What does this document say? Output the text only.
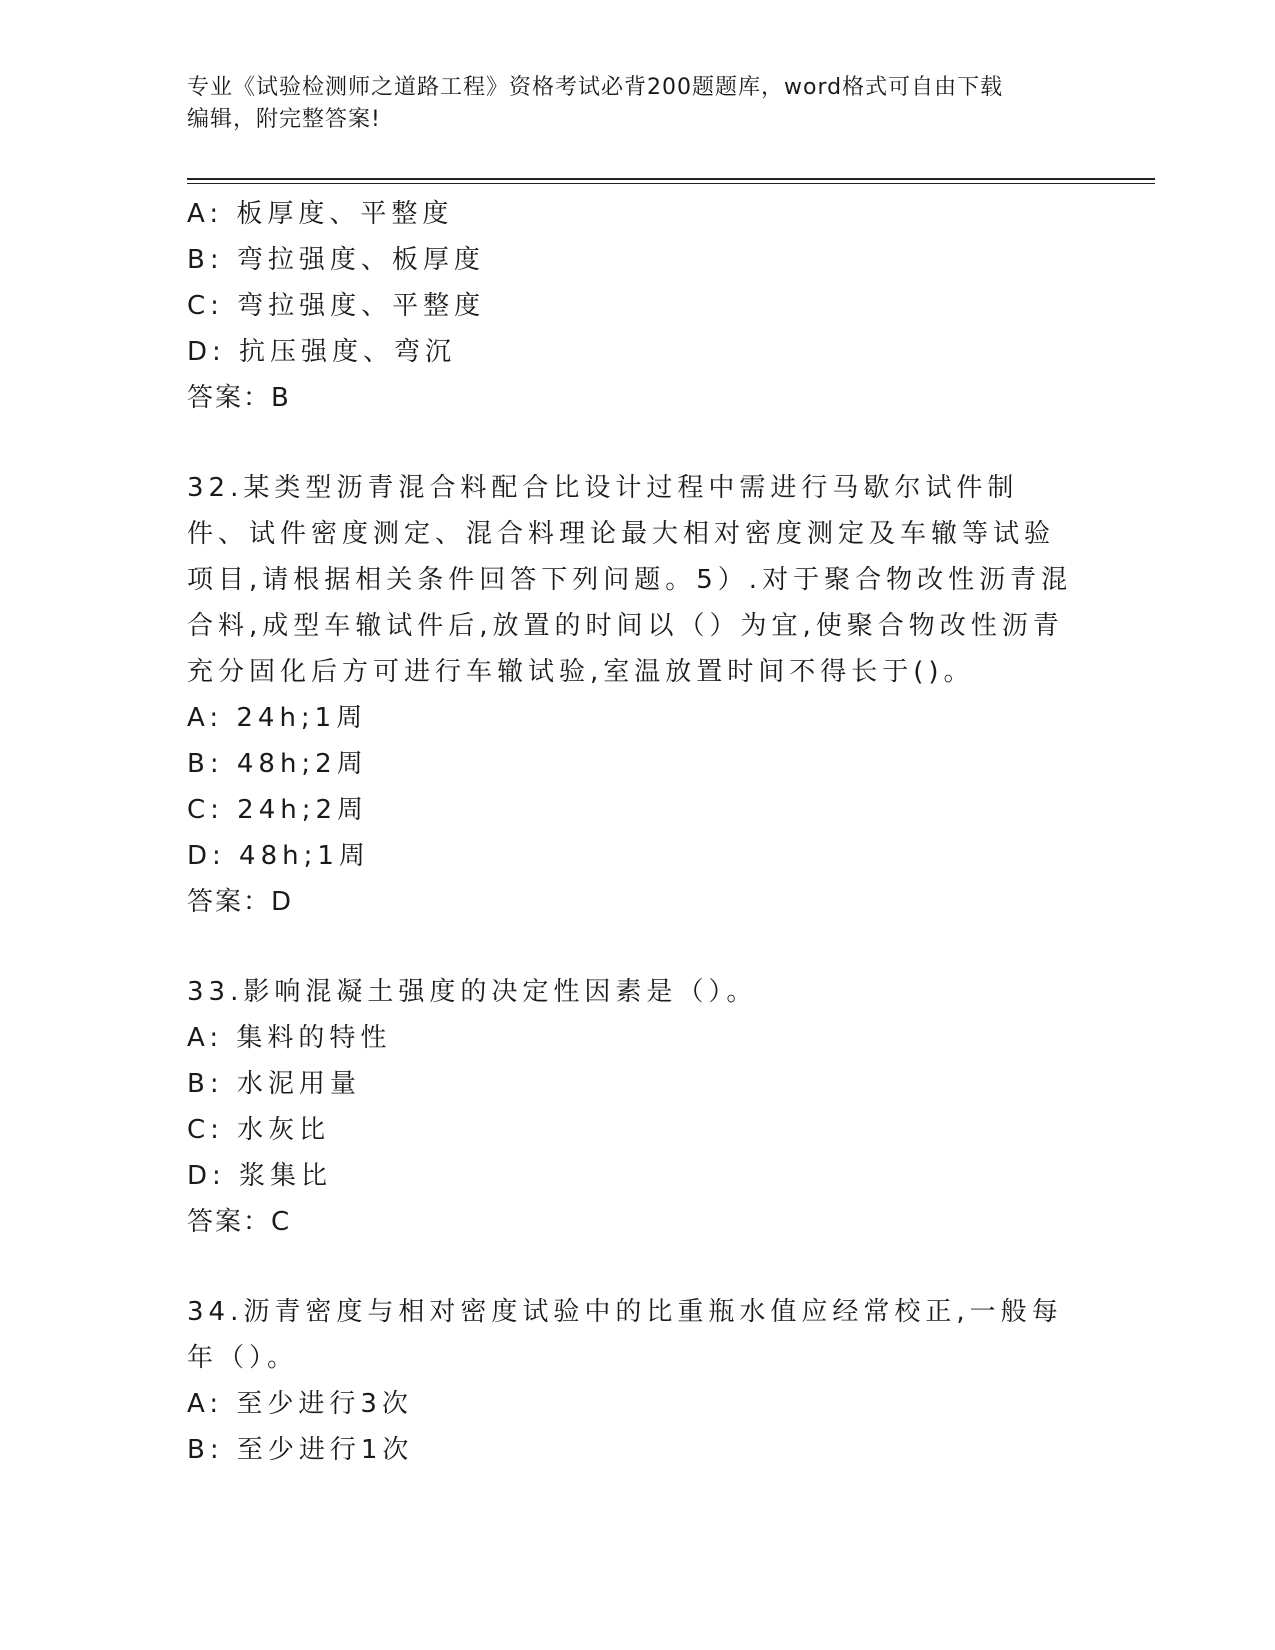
专业《试验检测师之道路工程》资格考试必背200题题库，word格式可自由下载
编辑，附完整答案!
A: 板厚度、平整度
B: 弯拉强度、板厚度
C: 弯拉强度、平整度
D: 抗压强度、弯沉
答案：B
32.某类型沥青混合料配合比设计过程中需进行马歇尔试件制件、试件密度测定、混合料理论最大相对密度测定及车辙等试验项目,请根据相关条件回答下列问题。5）.对于聚合物改性沥青混合料,成型车辙试件后,放置的时间以（）为宜,使聚合物改性沥青充分固化后方可进行车辙试验,室温放置时间不得长于()。
A: 24h;1周
B: 48h;2周
C: 24h;2周
D: 48h;1周
答案：D
33.影响混凝土强度的决定性因素是（）。
A: 集料的特性
B: 水泥用量
C: 水灰比
D: 浆集比
答案：C
34.沥青密度与相对密度试验中的比重瓶水值应经常校正,一般每年（）。
A: 至少进行3次
B: 至少进行1次
